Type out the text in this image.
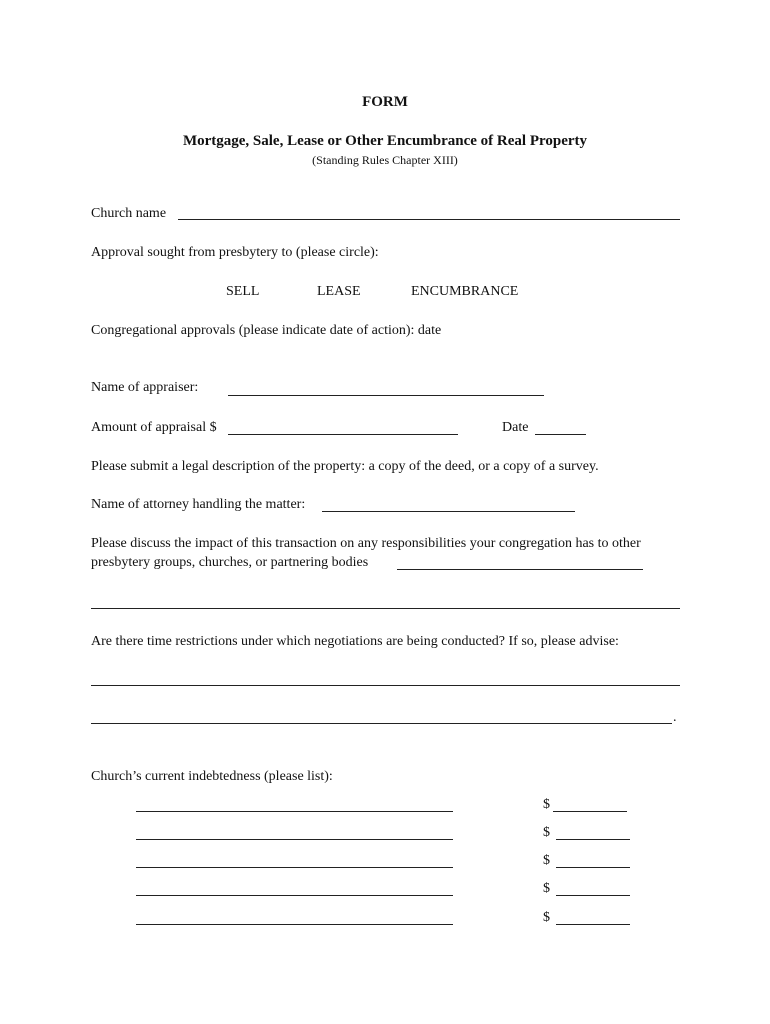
FORM
Mortgage, Sale, Lease or Other Encumbrance of Real Property
(Standing Rules Chapter XIII)
Church name
Approval sought from presbytery to (please circle):
SELL	LEASE	ENCUMBRANCE
Congregational approvals (please indicate date of action): date
Name of appraiser:
Amount of appraisal $	Date
Please submit a legal description of the property: a copy of the deed, or a copy of a survey.
Name of attorney handling the matter:
Please discuss the impact of this transaction on any responsibilities your congregation has to other
presbytery groups, churches, or partnering bodies
Are there time restrictions under which negotiations are being conducted? If so, please advise:
.
Church’s current indebtedness (please list):
$
$
$
$
$
